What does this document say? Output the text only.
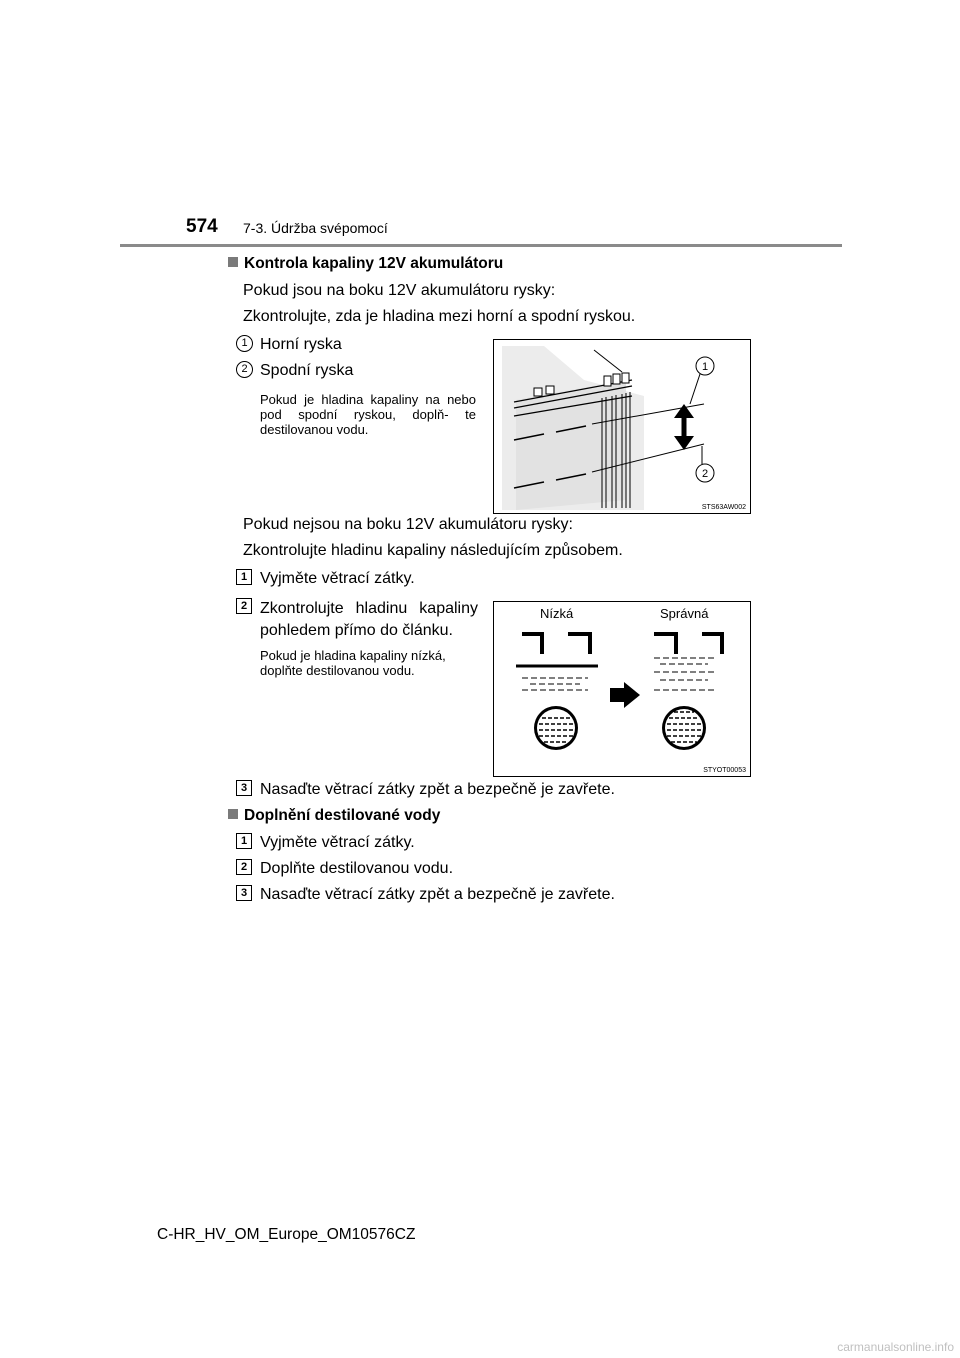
574 7-3. Údržba svépomocí
Kontrola kapaliny 12V akumulátoru
Pokud jsou na boku 12V akumulátoru rysky:
Zkontrolujte, zda je hladina mezi horní a spodní ryskou.
1 Horní ryska
2 Spodní ryska
Pokud je hladina kapaliny na nebo pod spodní ryskou, doplň- te destilovanou vodu.
1
2
STS63AW002
Pokud nejsou na boku 12V akumulátoru rysky:
Zkontrolujte hladinu kapaliny následujícím způsobem.
1 Vyjměte větrací zátky.
2 Zkontrolujte hladinu kapaliny pohledem přímo do článku.
Pokud je hladina kapaliny nízká, doplňte destilovanou vodu.
Nízká	Správná
STYOT00053
3 Nasaďte větrací zátky zpět a bezpečně je zavřete.
Doplnění destilované vody
1 Vyjměte větrací zátky.
2 Doplňte destilovanou vodu.
3 Nasaďte větrací zátky zpět a bezpečně je zavřete.
C-HR_HV_OM_Europe_OM10576CZ
carmanualsonline.info
